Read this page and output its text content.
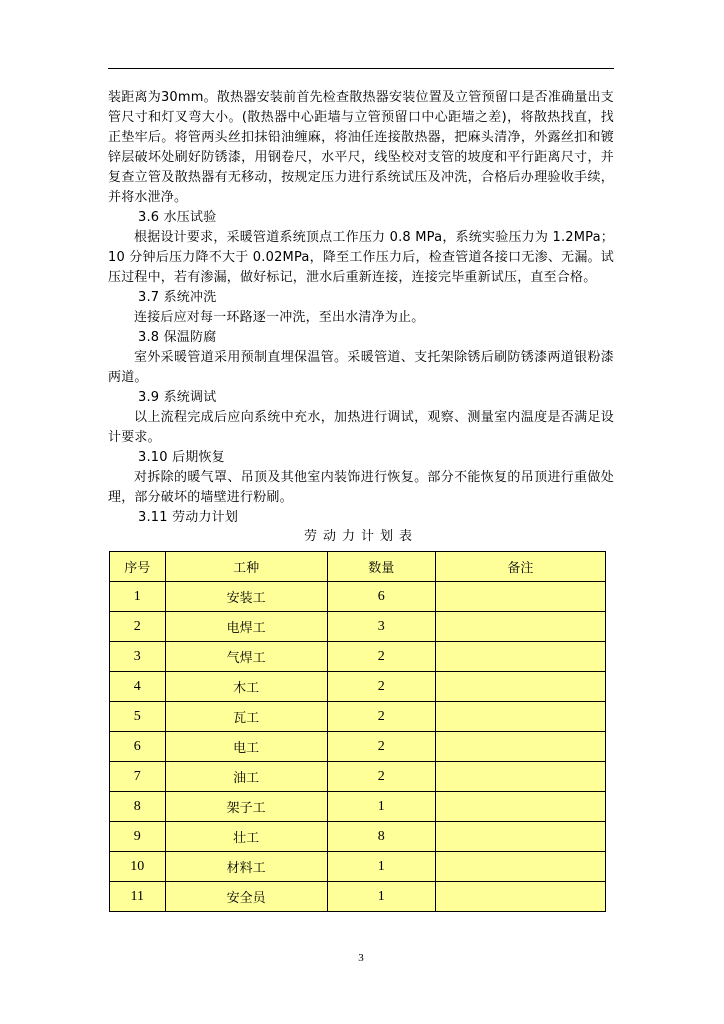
装距离为30mm。散热器安装前首先检查散热器安装位置及立管预留口是否准确量出支管尺寸和灯叉弯大小。(散热器中心距墙与立管预留口中心距墙之差)，将散热找直，找正垫牢后。将管两头丝扣抹铅油缠麻，将油任连接散热器，把麻头清净，外露丝扣和镀锌层破坏处刷好防锈漆，用钢卷尺，水平尺，线坠校对支管的坡度和平行距离尺寸，并复查立管及散热器有无移动，按规定压力进行系统试压及冲洗，合格后办理验收手续，并将水泄净。

3.6 水压试验

根据设计要求，采暖管道系统顶点工作压力 0.8 MPa，系统实验压力为 1.2MPa；10 分钟后压力降不大于 0.02MPa，降至工作压力后，检查管道各接口无渗、无漏。试压过程中，若有渗漏，做好标记，泄水后重新连接，连接完毕重新试压，直至合格。

3.7 系统冲洗

连接后应对每一环路逐一冲洗，至出水清净为止。

3.8 保温防腐

室外采暖管道采用预制直埋保温管。采暖管道、支托架除锈后刷防锈漆两道银粉漆两道。

3.9 系统调试

以上流程完成后应向系统中充水，加热进行调试，观察、测量室内温度是否满足设计要求。

3.10 后期恢复

对拆除的暖气罩、吊顶及其他室内装饰进行恢复。部分不能恢复的吊顶进行重做处理，部分破坏的墙壁进行粉刷。

3.11 劳动力计划

劳动力计划表
序号	工种	数量	备注
1	安装工	6	
2	电焊工	3	
3	气焊工	2	
4	木工	2	
5	瓦工	2	
6	电工	2	
7	油工	2	
8	架子工	1	
9	壮工	8	
10	材料工	1	
11	安全员	1	
3
